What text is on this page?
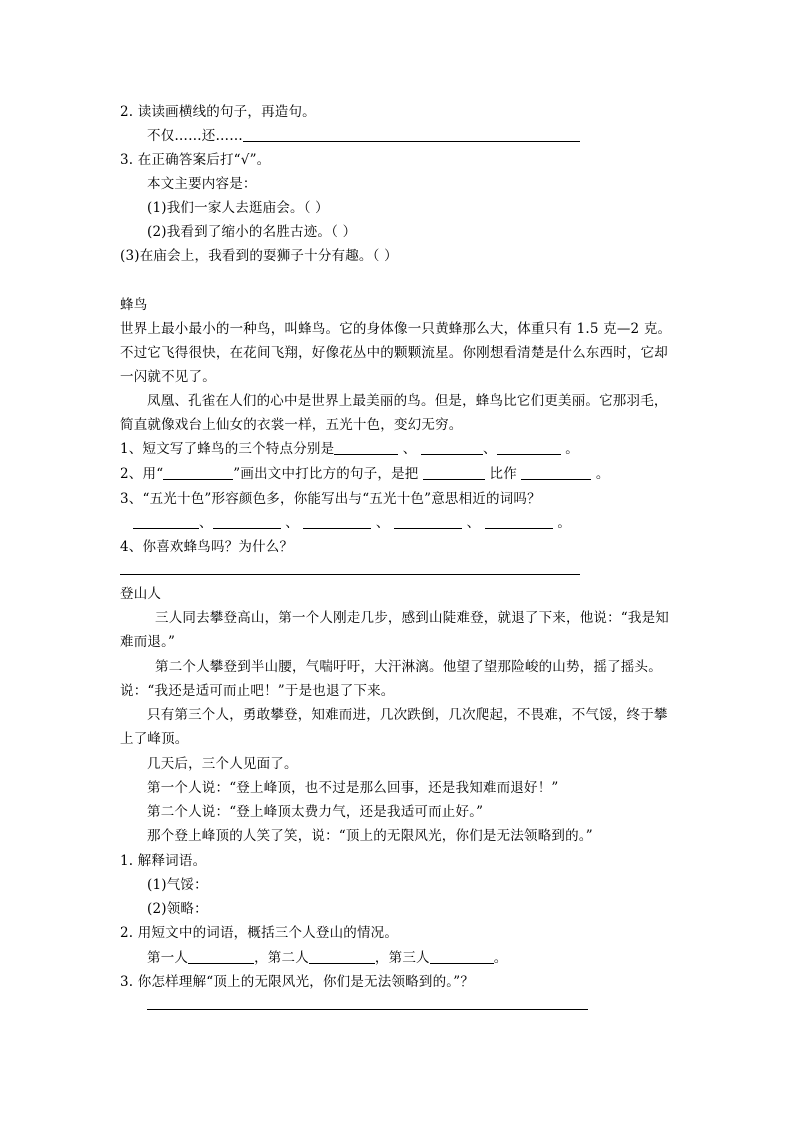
2. 读读画横线的句子，再造句。
不仅……还……
3. 在正确答案后打“√”。
本文主要内容是：
(1)我们一家人去逛庙会。（ ）
(2)我看到了缩小的名胜古迹。（ ）
(3)在庙会上，我看到的耍狮子十分有趣。（ ）
蜂鸟
世界上最小最小的一种鸟，叫蜂鸟。它的身体像一只黄蜂那么大，体重只有 1.5 克—2 克。
不过它飞得很快，在花间飞翔，好像花丛中的颗颗流星。你刚想看清楚是什么东西时，它却
一闪就不见了。
凤凰、孔雀在人们的心中是世界上最美丽的鸟。但是，蜂鸟比它们更美丽。它那羽毛，
简直就像戏台上仙女的衣裳一样，五光十色，变幻无穷。
1、短文写了蜂鸟的三个特点分别是	、	、	。
2、用“	”画出文中打比方的句子，是把	比作	。
3、“五光十色”形容颜色多，你能写出与“五光十色”意思相近的词吗？
、	、	、	、	。
4、你喜欢蜂鸟吗？为什么？
登山人
三人同去攀登高山，第一个人刚走几步，感到山陡难登，就退了下来，他说：“我是知
难而退。”
第二个人攀登到半山腰，气喘吁吁，大汗淋漓。他望了望那险峻的山势，摇了摇头。
说：“我还是适可而止吧！”于是也退了下来。
只有第三个人，勇敢攀登，知难而进，几次跌倒，几次爬起，不畏难，不气馁，终于攀
上了峰顶。
几天后，三个人见面了。
第一个人说：“登上峰顶，也不过是那么回事，还是我知难而退好！”
第二个人说：“登上峰顶太费力气，还是我适可而止好。”
那个登上峰顶的人笑了笑，说：“顶上的无限风光，你们是无法领略到的。”
1. 解释词语。
(1)气馁：
(2)领略：
2. 用短文中的词语，概括三个人登山的情况。
第一人	，第二人	，第三人	。
3. 你怎样理解“顶上的无限风光，你们是无法领略到的。”？
